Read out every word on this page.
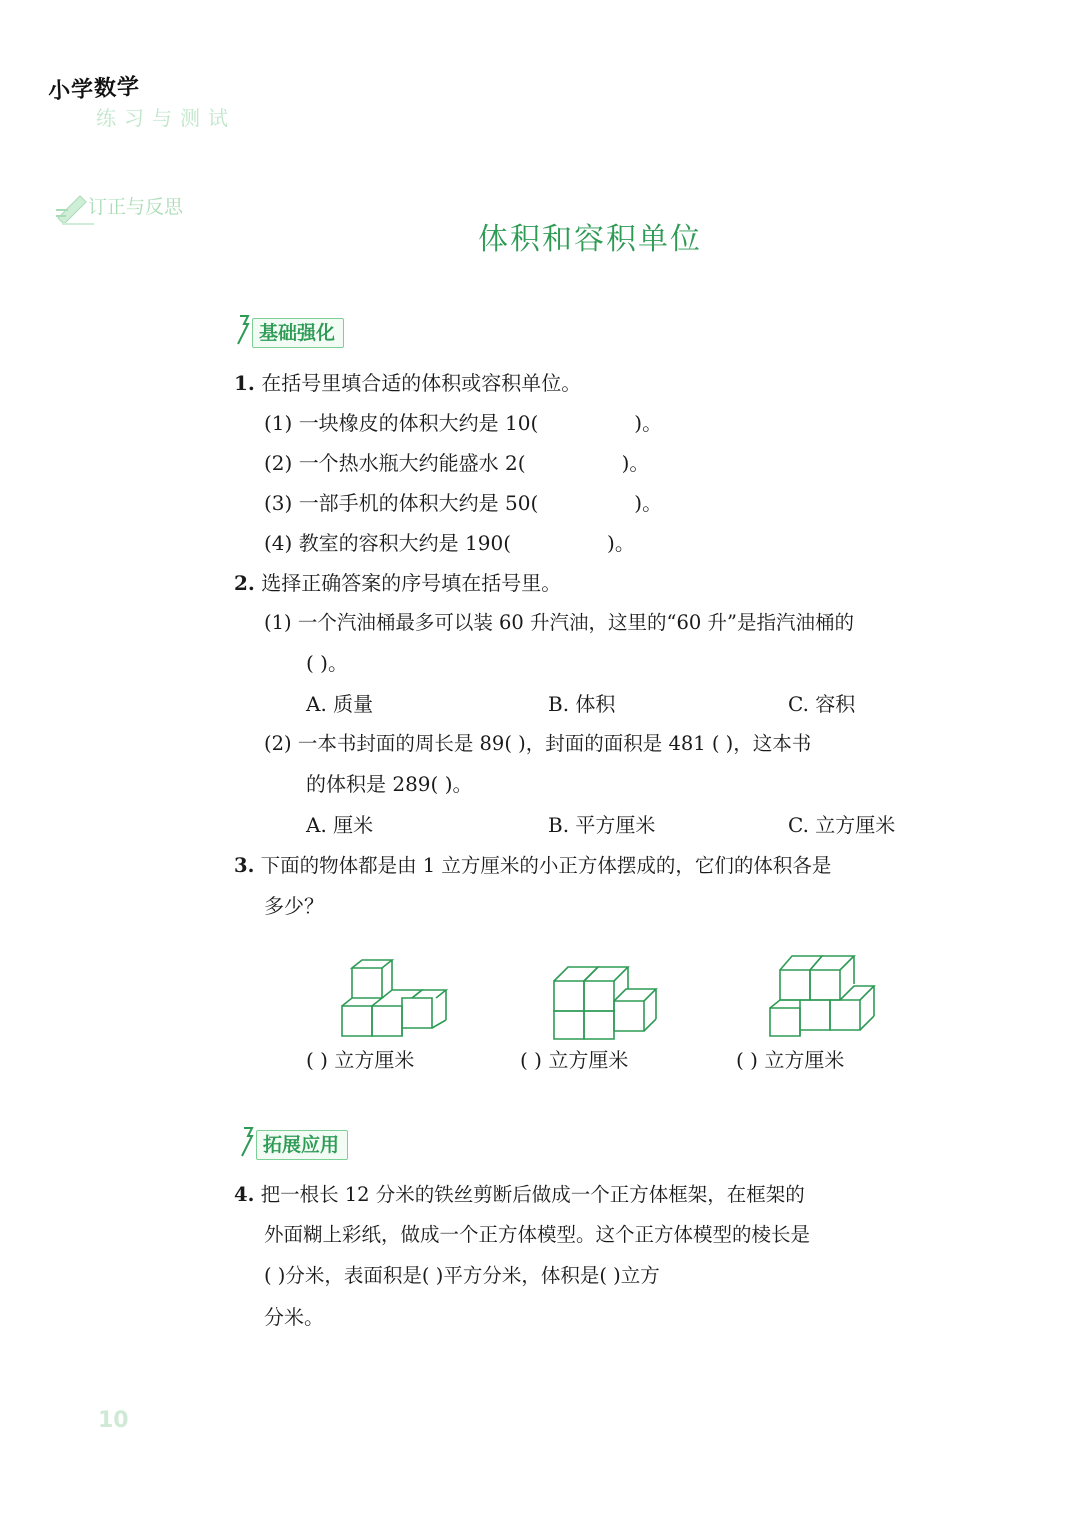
小学数学
练习与测试
订正与反思
体积和容积单位
基础强化
1. 在括号里填合适的体积或容积单位。
(1) 一块橡皮的体积大约是 10(	)。
(2) 一个热水瓶大约能盛水 2(	)。
(3) 一部手机的体积大约是 50(	)。
(4) 教室的容积大约是 190(	)。
2. 选择正确答案的序号填在括号里。
(1) 一个汽油桶最多可以装 60 升汽油，这里的“60 升”是指汽油桶的
( )。
A. 质量	B. 体积	C. 容积
(2) 一本书封面的周长是 89( )，封面的面积是 481 ( )，这本书
的体积是 289( )。
A. 厘米	B. 平方厘米	C. 立方厘米
3. 下面的物体都是由 1 立方厘米的小正方体摆成的，它们的体积各是
多少？
( ) 立方厘米	( ) 立方厘米	( ) 立方厘米
拓展应用
4. 把一根长 12 分米的铁丝剪断后做成一个正方体框架，在框架的
外面糊上彩纸，做成一个正方体模型。这个正方体模型的棱长是
( )分米，表面积是( )平方分米，体积是( )立方
分米。
10
